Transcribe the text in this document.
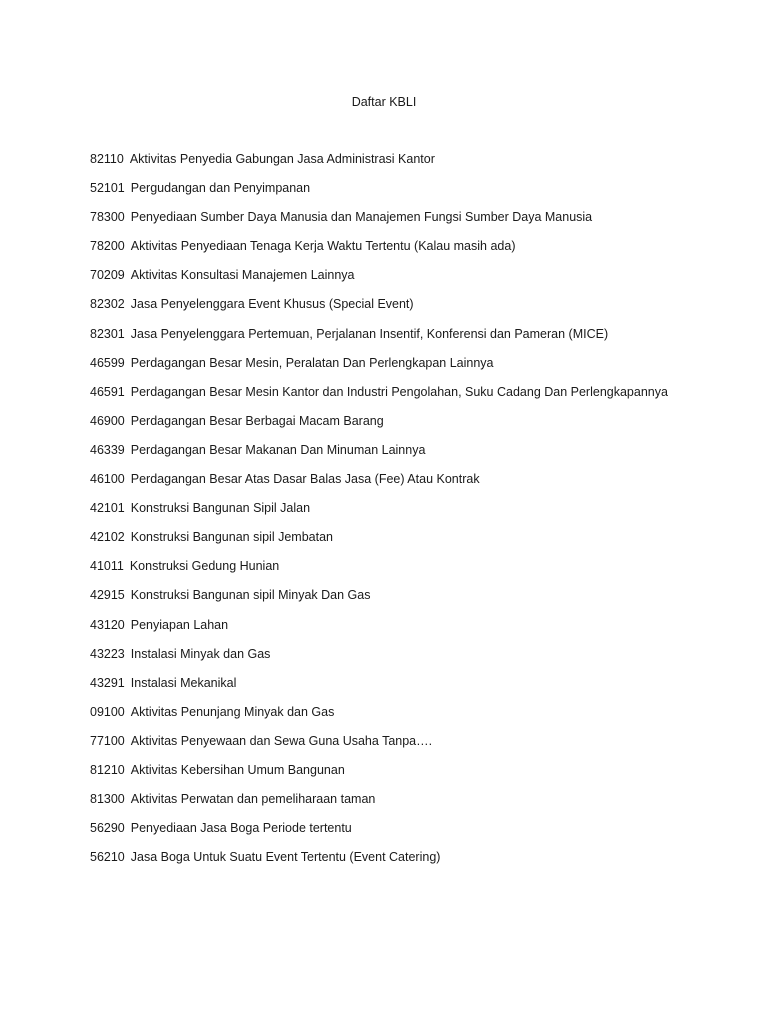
Daftar KBLI
82110 Aktivitas Penyedia Gabungan Jasa Administrasi Kantor
52101 Pergudangan dan Penyimpanan
78300 Penyediaan Sumber Daya Manusia dan Manajemen Fungsi Sumber Daya Manusia
78200 Aktivitas Penyediaan Tenaga Kerja Waktu Tertentu (Kalau masih ada)
70209 Aktivitas Konsultasi Manajemen Lainnya
82302 Jasa Penyelenggara Event Khusus (Special Event)
82301 Jasa Penyelenggara Pertemuan, Perjalanan Insentif, Konferensi dan Pameran (MICE)
46599 Perdagangan Besar Mesin, Peralatan Dan Perlengkapan Lainnya
46591 Perdagangan Besar Mesin Kantor dan Industri Pengolahan, Suku Cadang Dan Perlengkapannya
46900 Perdagangan Besar Berbagai Macam Barang
46339 Perdagangan Besar Makanan Dan Minuman Lainnya
46100 Perdagangan Besar Atas Dasar Balas Jasa (Fee) Atau Kontrak
42101 Konstruksi Bangunan Sipil Jalan
42102 Konstruksi Bangunan sipil Jembatan
41011 Konstruksi Gedung Hunian
42915 Konstruksi Bangunan sipil Minyak Dan Gas
43120 Penyiapan Lahan
43223 Instalasi Minyak dan Gas
43291 Instalasi Mekanikal
09100 Aktivitas Penunjang Minyak dan Gas
77100 Aktivitas Penyewaan dan Sewa Guna Usaha Tanpa….
81210 Aktivitas Kebersihan Umum Bangunan
81300 Aktivitas Perwatan dan pemeliharaan taman
56290 Penyediaan Jasa Boga Periode tertentu
56210 Jasa Boga Untuk Suatu Event Tertentu (Event Catering)
